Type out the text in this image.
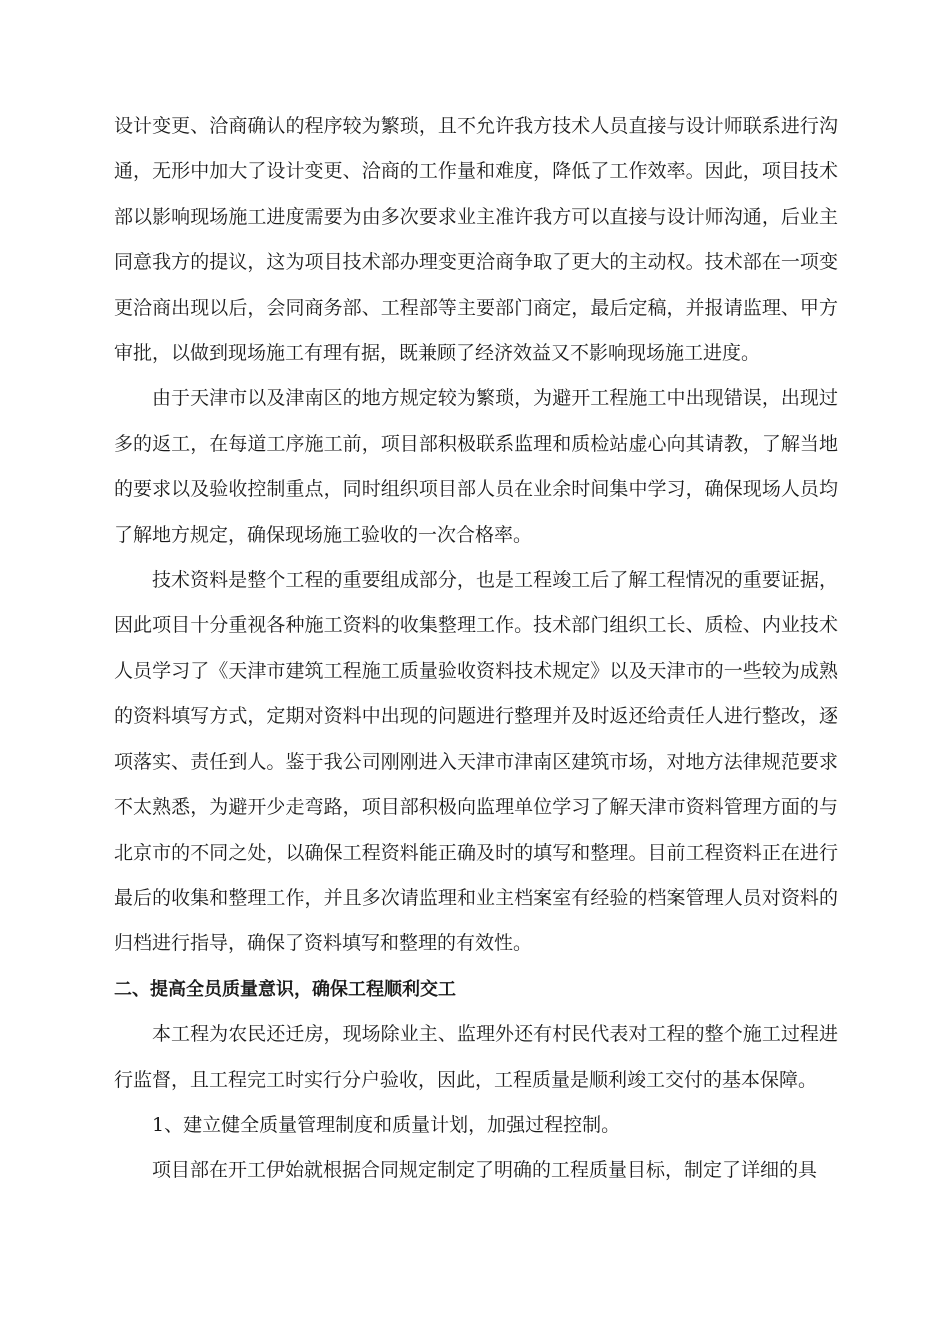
设计变更、洽商确认的程序较为繁琐，且不允许我方技术人员直接与设计师联系进行沟通，无形中加大了设计变更、洽商的工作量和难度，降低了工作效率。因此，项目技术部以影响现场施工进度需要为由多次要求业主准许我方可以直接与设计师沟通，后业主同意我方的提议，这为项目技术部办理变更洽商争取了更大的主动权。技术部在一项变更洽商出现以后，会同商务部、工程部等主要部门商定，最后定稿，并报请监理、甲方审批，以做到现场施工有理有据，既兼顾了经济效益又不影响现场施工进度。

由于天津市以及津南区的地方规定较为繁琐，为避开工程施工中出现错误，出现过多的返工，在每道工序施工前，项目部积极联系监理和质检站虚心向其请教，了解当地的要求以及验收控制重点，同时组织项目部人员在业余时间集中学习，确保现场人员均了解地方规定，确保现场施工验收的一次合格率。

技术资料是整个工程的重要组成部分，也是工程竣工后了解工程情况的重要证据，因此项目十分重视各种施工资料的收集整理工作。技术部门组织工长、质检、内业技术人员学习了《天津市建筑工程施工质量验收资料技术规定》以及天津市的一些较为成熟的资料填写方式，定期对资料中出现的问题进行整理并及时返还给责任人进行整改，逐项落实、责任到人。鉴于我公司刚刚进入天津市津南区建筑市场，对地方法律规范要求不太熟悉，为避开少走弯路，项目部积极向监理单位学习了解天津市资料管理方面的与北京市的不同之处，以确保工程资料能正确及时的填写和整理。目前工程资料正在进行最后的收集和整理工作，并且多次请监理和业主档案室有经验的档案管理人员对资料的归档进行指导，确保了资料填写和整理的有效性。

二、提高全员质量意识，确保工程顺利交工

本工程为农民还迁房，现场除业主、监理外还有村民代表对工程的整个施工过程进行监督，且工程完工时实行分户验收，因此，工程质量是顺利竣工交付的基本保障。

1、建立健全质量管理制度和质量计划，加强过程控制。

项目部在开工伊始就根据合同规定制定了明确的工程质量目标，制定了详细的具
